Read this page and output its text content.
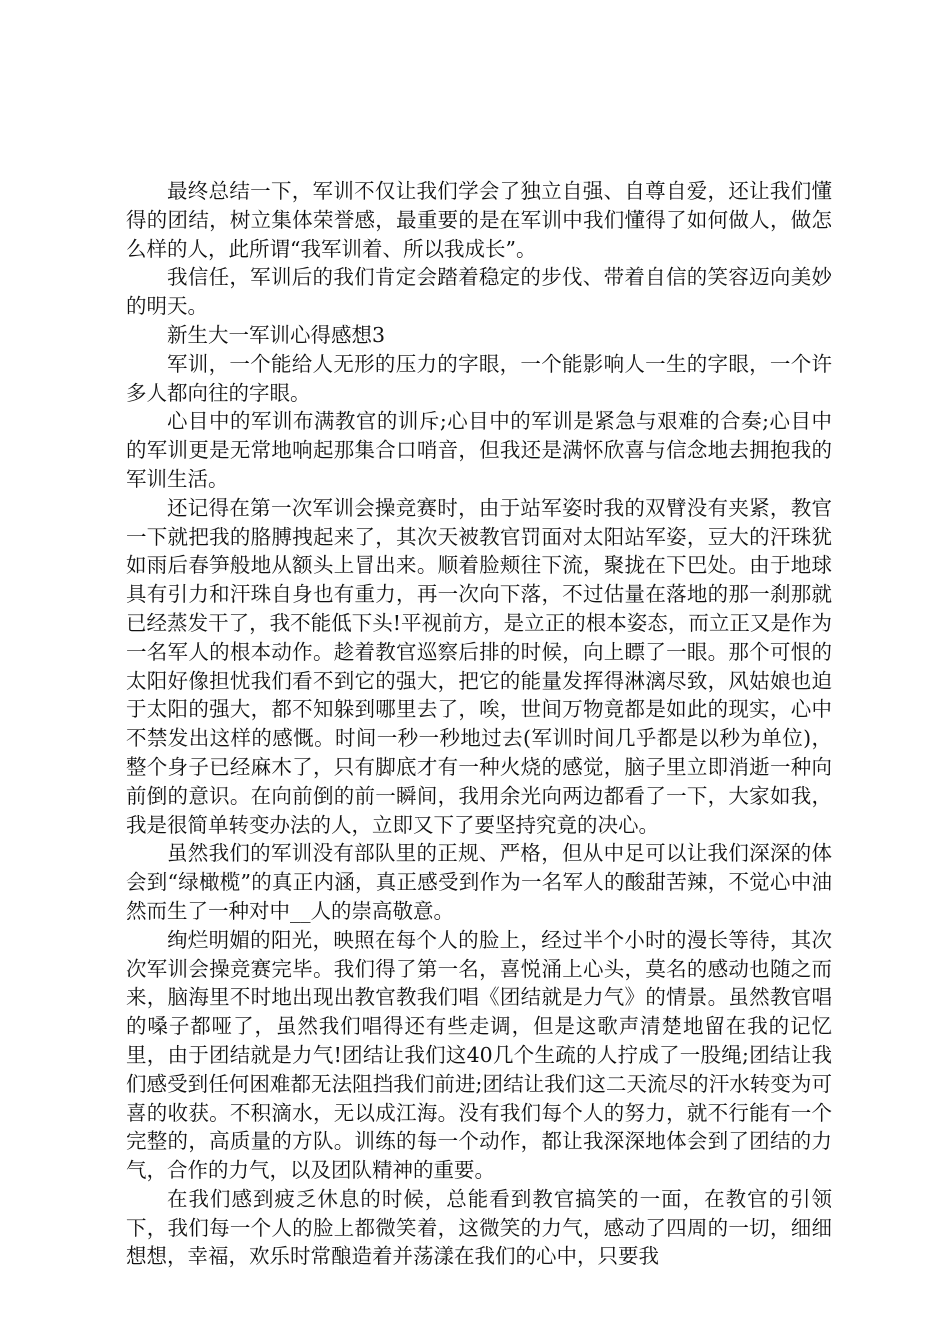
最终总结一下，军训不仅让我们学会了独立自强、自尊自爱，还让我们懂得的团结，树立集体荣誉感，最重要的是在军训中我们懂得了如何做人，做怎么样的人，此所谓“我军训着、所以我成长”。

我信任，军训后的我们肯定会踏着稳定的步伐、带着自信的笑容迈向美妙的明天。

新生大一军训心得感想3

军训，一个能给人无形的压力的字眼，一个能影响人一生的字眼，一个许多人都向往的字眼。

心目中的军训布满教官的训斥;心目中的军训是紧急与艰难的合奏;心目中的军训更是无常地响起那集合口哨音，但我还是满怀欣喜与信念地去拥抱我的军训生活。

还记得在第一次军训会操竞赛时，由于站军姿时我的双臂没有夹紧，教官一下就把我的胳膊拽起来了，其次天被教官罚面对太阳站军姿，豆大的汗珠犹如雨后春笋般地从额头上冒出来。顺着脸颊往下流，聚拢在下巴处。由于地球具有引力和汗珠自身也有重力，再一次向下落，不过估量在落地的那一刹那就已经蒸发干了，我不能低下头!平视前方，是立正的根本姿态，而立正又是作为一名军人的根本动作。趁着教官巡察后排的时候，向上瞟了一眼。那个可恨的太阳好像担忧我们看不到它的强大，把它的能量发挥得淋漓尽致，风姑娘也迫于太阳的强大，都不知躲到哪里去了，唉，世间万物竟都是如此的现实，心中不禁发出这样的感慨。时间一秒一秒地过去(军训时间几乎都是以秒为单位)，整个身子已经麻木了，只有脚底才有一种火烧的感觉，脑子里立即消逝一种向前倒的意识。在向前倒的前一瞬间，我用余光向两边都看了一下，大家如我，我是很简单转变办法的人，立即又下了要坚持究竟的决心。

虽然我们的军训没有部队里的正规、严格，但从中足可以让我们深深的体会到“绿橄榄”的真正内涵，真正感受到作为一名军人的酸甜苦辣，不觉心中油然而生了一种对中__人的崇高敬意。

绚烂明媚的阳光，映照在每个人的脸上，经过半个小时的漫长等待，其次次军训会操竞赛完毕。我们得了第一名，喜悦涌上心头，莫名的感动也随之而来，脑海里不时地出现出教官教我们唱《团结就是力气》的情景。虽然教官唱的嗓子都哑了，虽然我们唱得还有些走调，但是这歌声清楚地留在我的记忆里，由于团结就是力气!团结让我们这40几个生疏的人拧成了一股绳;团结让我们感受到任何困难都无法阻挡我们前进;团结让我们这二天流尽的汗水转变为可喜的收获。不积滴水，无以成江海。没有我们每个人的努力，就不行能有一个完整的，高质量的方队。训练的每一个动作，都让我深深地体会到了团结的力气，合作的力气，以及团队精神的重要。

在我们感到疲乏休息的时候，总能看到教官搞笑的一面，在教官的引领下，我们每一个人的脸上都微笑着，这微笑的力气，感动了四周的一切，细细想想，幸福，欢乐时常酿造着并荡漾在我们的心中，只要我
